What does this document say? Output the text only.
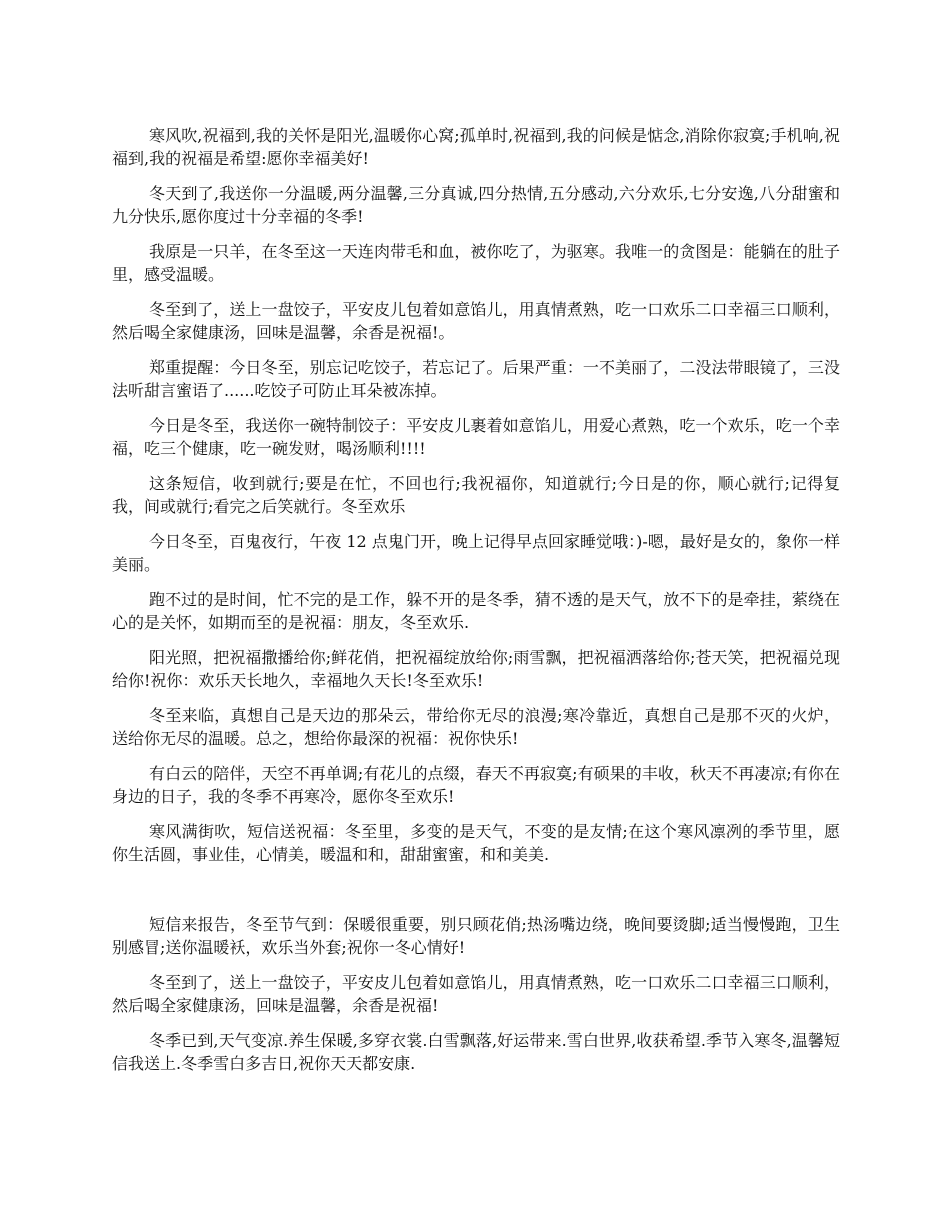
寒风吹,祝福到,我的关怀是阳光,温暖你心窝;孤单时,祝福到,我的问候是惦念,消除你寂寞;手机响,祝福到,我的祝福是希望:愿你幸福美好!

冬天到了,我送你一分温暖,两分温馨,三分真诚,四分热情,五分感动,六分欢乐,七分安逸,八分甜蜜和九分快乐,愿你度过十分幸福的冬季!

我原是一只羊，在冬至这一天连肉带毛和血，被你吃了，为驱寒。我唯一的贪图是：能躺在的肚子里，感受温暖。

冬至到了，送上一盘饺子，平安皮儿包着如意馅儿，用真情煮熟，吃一口欢乐二口幸福三口顺利，然后喝全家健康汤，回味是温馨，余香是祝福!。

郑重提醒：今日冬至，别忘记吃饺子，若忘记了。后果严重：一不美丽了，二没法带眼镜了，三没法听甜言蜜语了......吃饺子可防止耳朵被冻掉。

今日是冬至，我送你一碗特制饺子：平安皮儿裹着如意馅儿，用爱心煮熟，吃一个欢乐，吃一个幸福，吃三个健康，吃一碗发财，喝汤顺利!!!!

这条短信，收到就行;要是在忙，不回也行;我祝福你，知道就行;今日是的你，顺心就行;记得复我，间或就行;看完之后笑就行。冬至欢乐

今日冬至，百鬼夜行，午夜 12 点鬼门开，晚上记得早点回家睡觉哦：)-嗯，最好是女的，象你一样美丽。

跑不过的是时间，忙不完的是工作，躲不开的是冬季，猜不透的是天气，放不下的是牵挂，萦绕在心的是关怀，如期而至的是祝福：朋友，冬至欢乐.

阳光照，把祝福撒播给你;鲜花俏，把祝福绽放给你;雨雪飘，把祝福洒落给你;苍天笑，把祝福兑现给你!祝你：欢乐天长地久，幸福地久天长!冬至欢乐!

冬至来临，真想自己是天边的那朵云，带给你无尽的浪漫;寒冷靠近，真想自己是那不灭的火炉，送给你无尽的温暖。总之，想给你最深的祝福：祝你快乐!

有白云的陪伴，天空不再单调;有花儿的点缀，春天不再寂寞;有硕果的丰收，秋天不再凄凉;有你在身边的日子，我的冬季不再寒冷，愿你冬至欢乐!

寒风满街吹，短信送祝福：冬至里，多变的是天气，不变的是友情;在这个寒风凛冽的季节里，愿你生活圆，事业佳，心情美，暖温和和，甜甜蜜蜜，和和美美.

短信来报告，冬至节气到：保暖很重要，别只顾花俏;热汤嘴边绕，晚间要烫脚;适当慢慢跑，卫生别感冒;送你温暖袄，欢乐当外套;祝你一冬心情好!

冬至到了，送上一盘饺子，平安皮儿包着如意馅儿，用真情煮熟，吃一口欢乐二口幸福三口顺利，然后喝全家健康汤，回味是温馨，余香是祝福!

冬季已到,天气变凉.养生保暖,多穿衣裳.白雪飘落,好运带来.雪白世界,收获希望.季节入寒冬,温馨短信我送上.冬季雪白多吉日,祝你天天都安康.
